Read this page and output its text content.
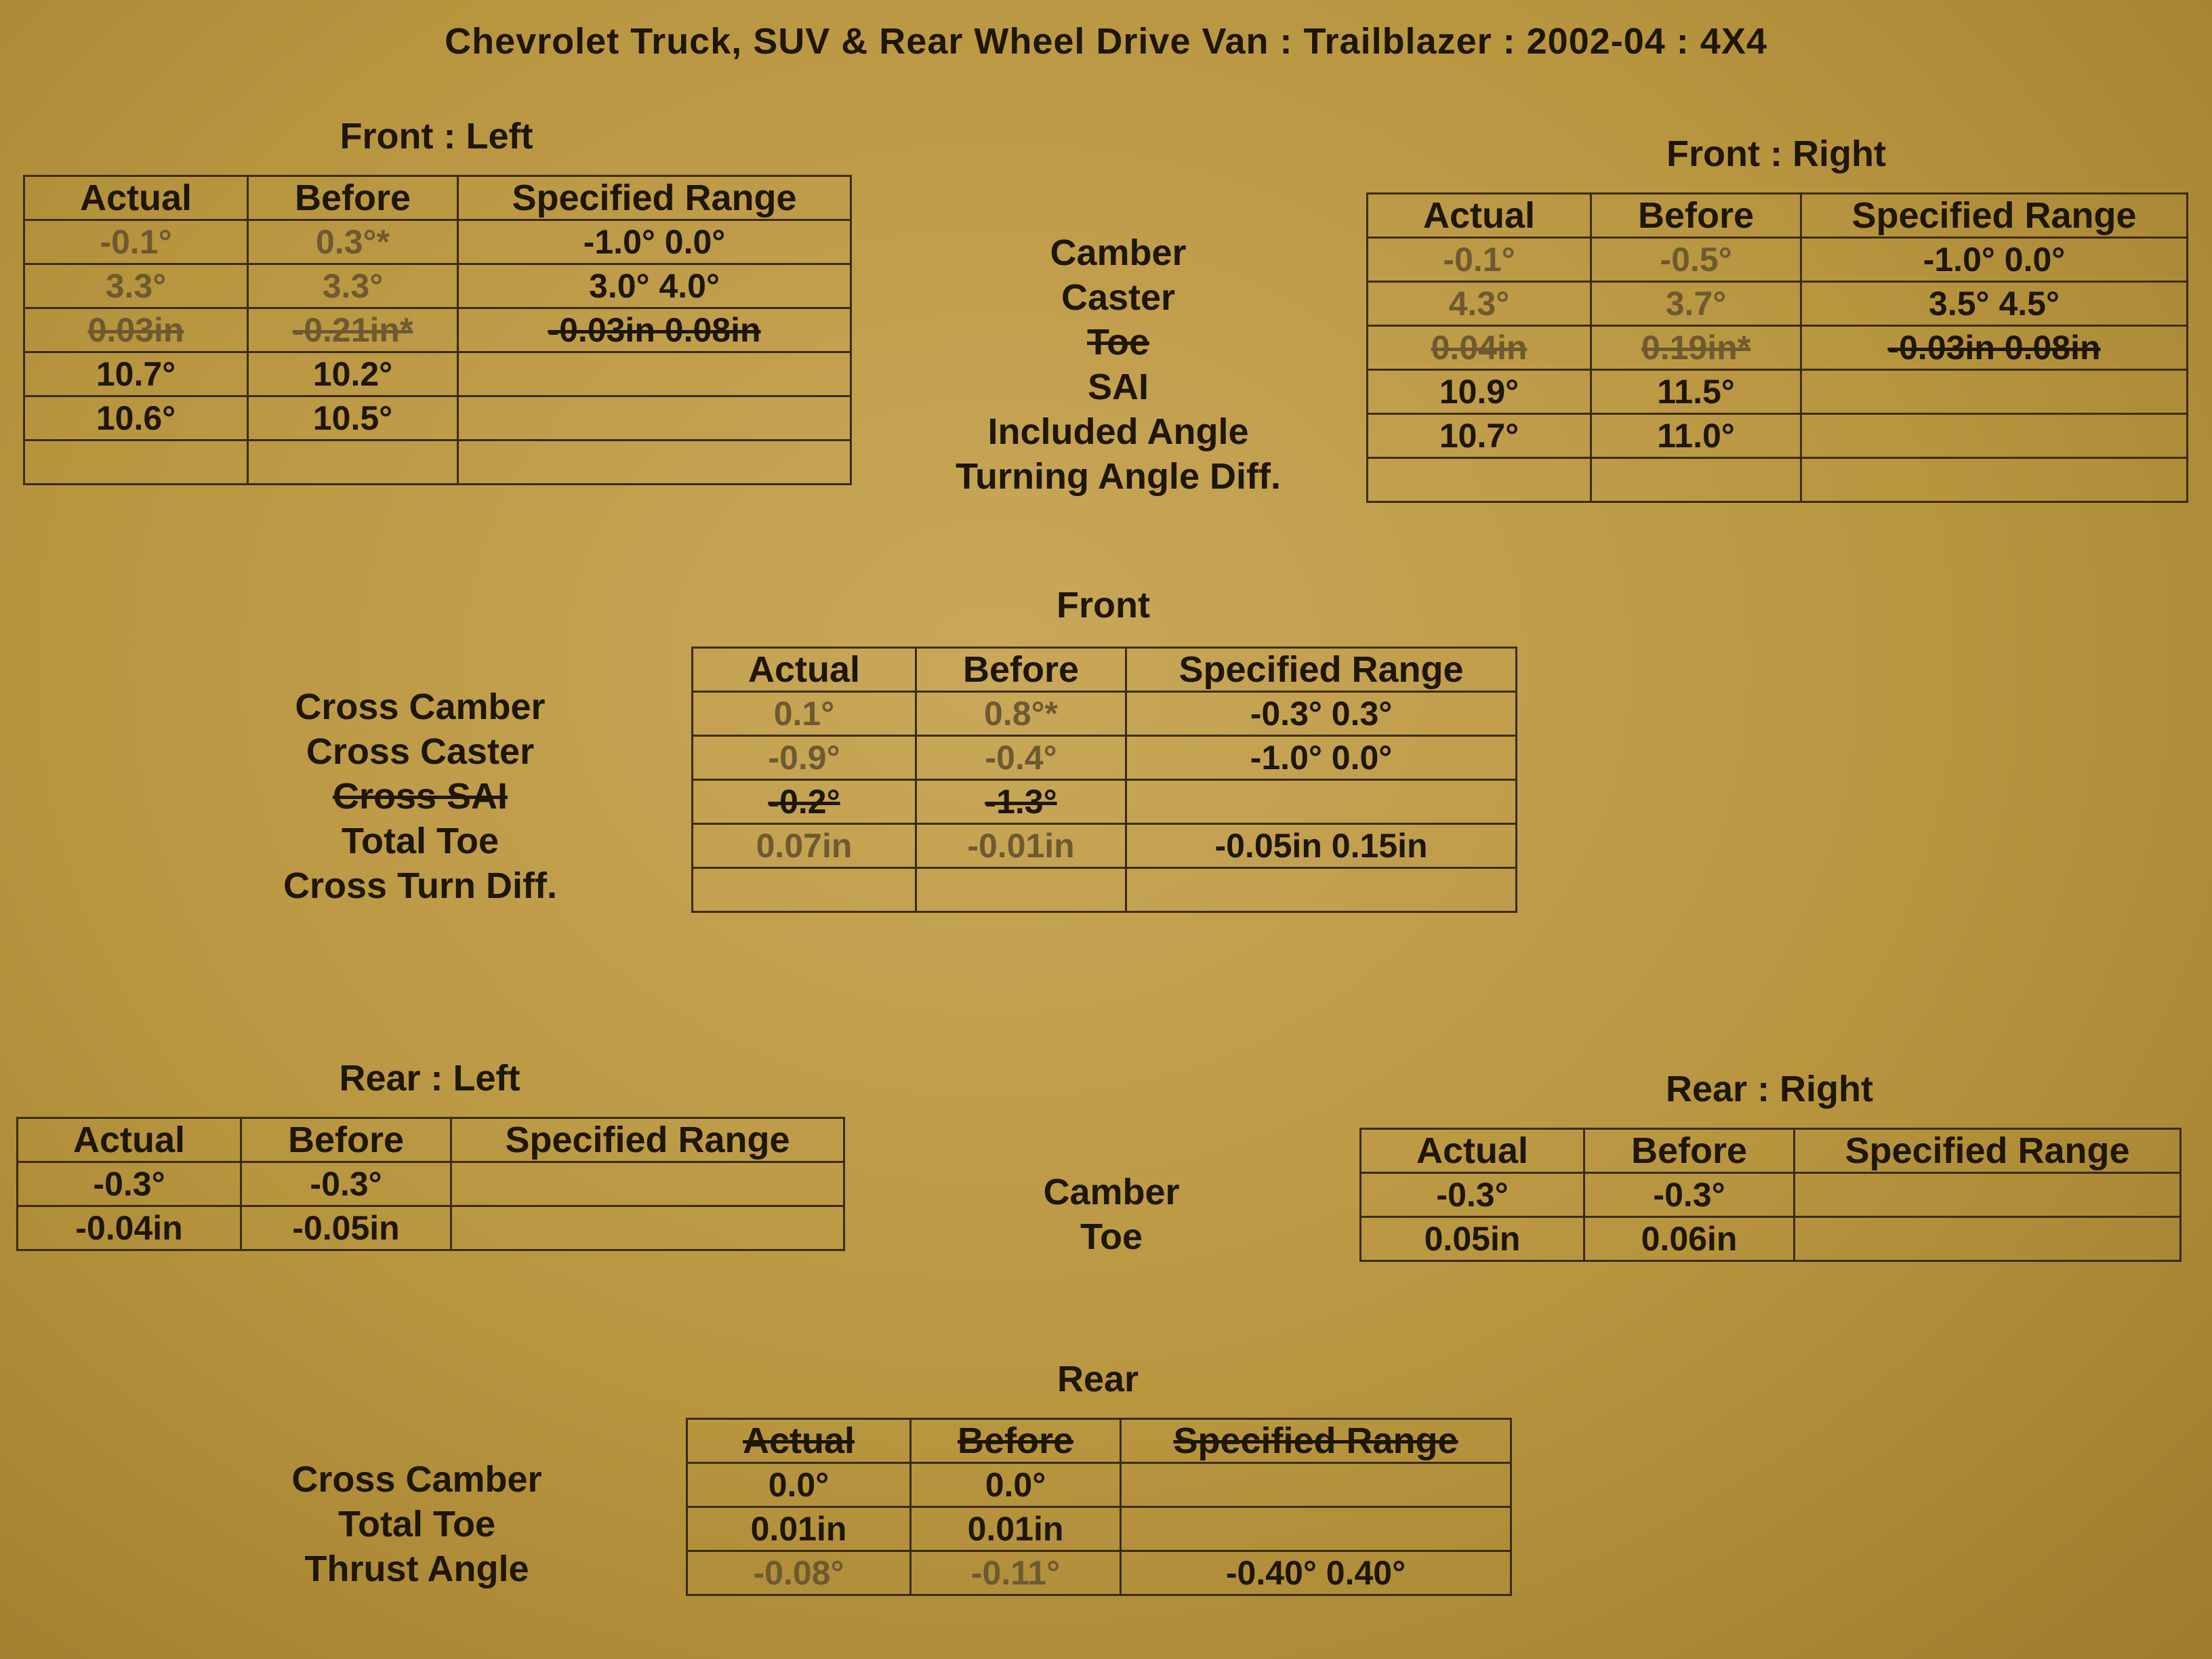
Chevrolet Truck, SUV & Rear Wheel Drive Van : Trailblazer : 2002-04 : 4X4
Front : Left
Actual	Before	Specified Range
-0.1°	0.3°*	-1.0° 0.0°
3.3°	3.3°	3.0° 4.0°
0.03in	-0.21in*	-0.03in 0.08in
10.7°	10.2°	
10.6°	10.5°	

Camber
Caster
Toe
SAI
Included Angle
Turning Angle Diff.
Front : Right
Actual	Before	Specified Range
-0.1°	-0.5°	-1.0° 0.0°
4.3°	3.7°	3.5° 4.5°
0.04in	0.19in*	-0.03in 0.08in
10.9°	11.5°	
10.7°	11.0°	

Front
Cross Camber
Cross Caster
Cross SAI
Total Toe
Cross Turn Diff.
Actual	Before	Specified Range
0.1°	0.8°*	-0.3° 0.3°
-0.9°	-0.4°	-1.0° 0.0°
-0.2°	-1.3°	
0.07in	-0.01in	-0.05in 0.15in

Rear : Left
Actual	Before	Specified Range
-0.3°	-0.3°	
-0.04in	-0.05in	
Camber
Toe
Rear : Right
Actual	Before	Specified Range
-0.3°	-0.3°	
0.05in	0.06in	
Rear
Cross Camber
Total Toe
Thrust Angle
Actual	Before	Specified Range
0.0°	0.0°	
0.01in	0.01in	
-0.08°	-0.11°	-0.40° 0.40°
